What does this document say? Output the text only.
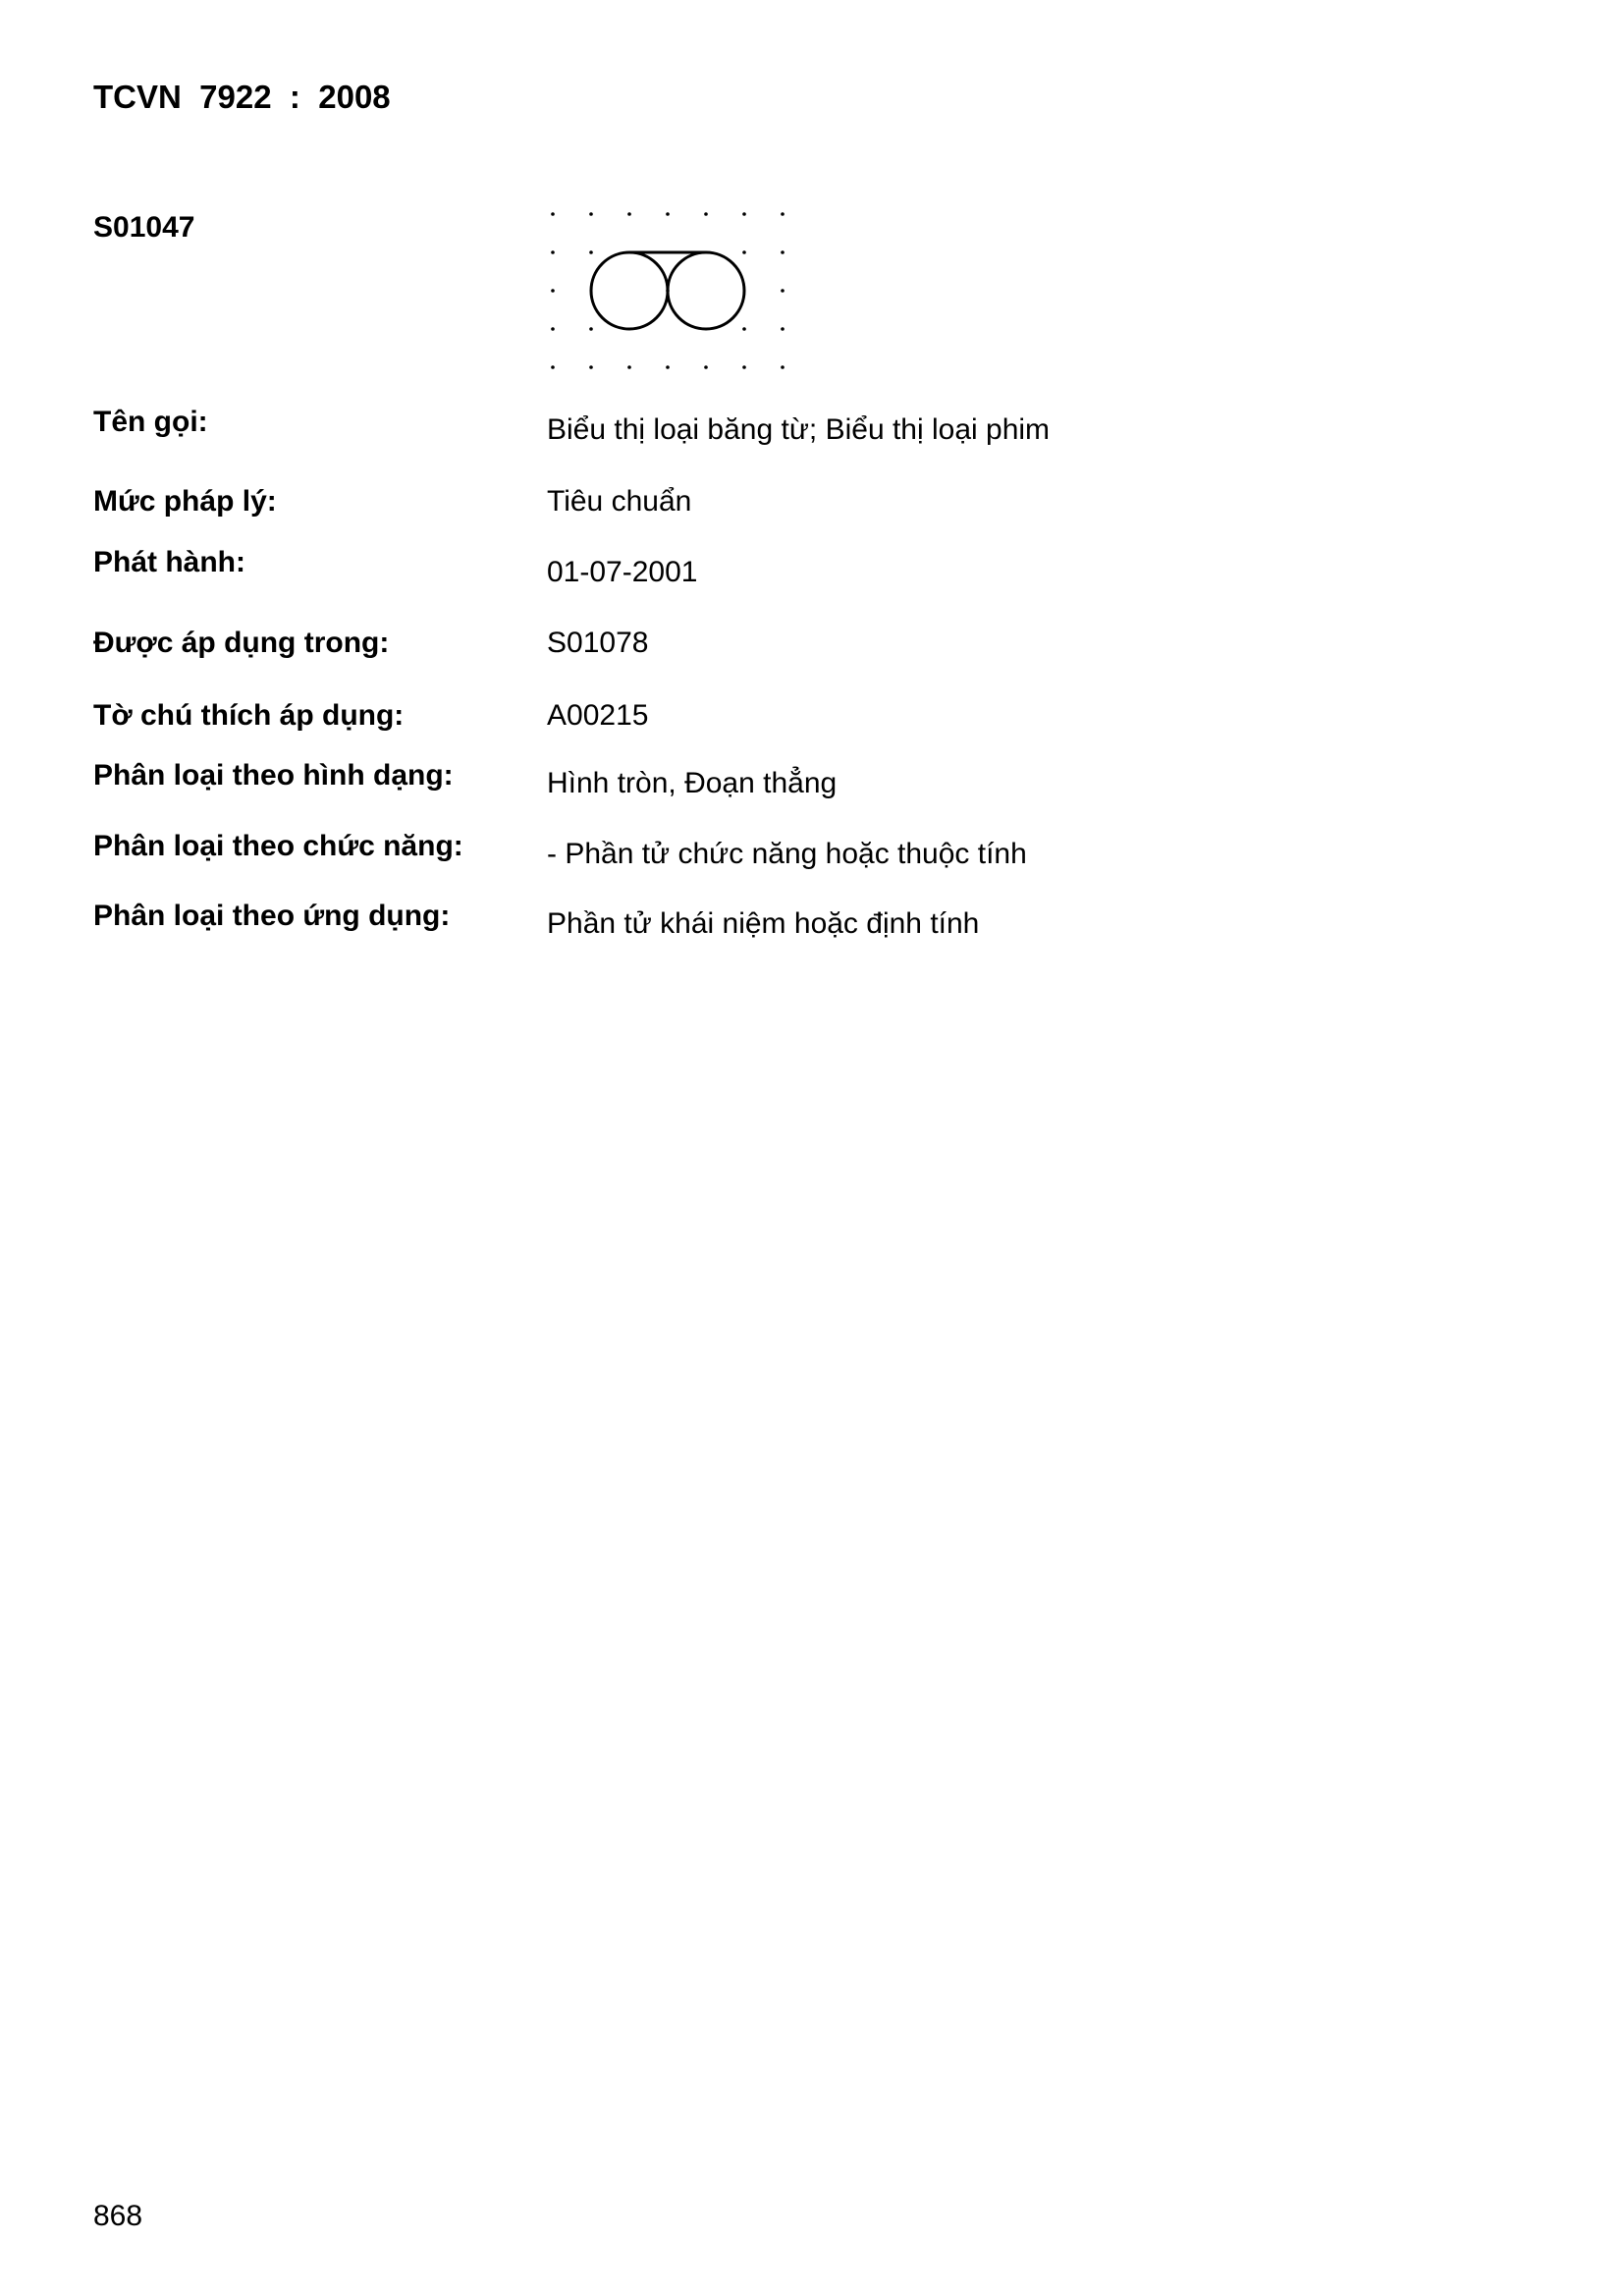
TCVN  7922  :  2008
S01047
Tên gọi:	Biểu thị loại băng từ; Biểu thị loại phim
Mức pháp lý:	Tiêu chuẩn
Phát hành:	01-07-2001
Được áp dụng trong:	S01078
Tờ chú thích áp dụng:	A00215
Phân loại theo hình dạng:	Hình tròn, Đoạn thẳng
Phân loại theo chức năng:	- Phần tử chức năng hoặc thuộc tính
Phân loại theo ứng dụng:	Phần tử khái niệm hoặc định tính
868
